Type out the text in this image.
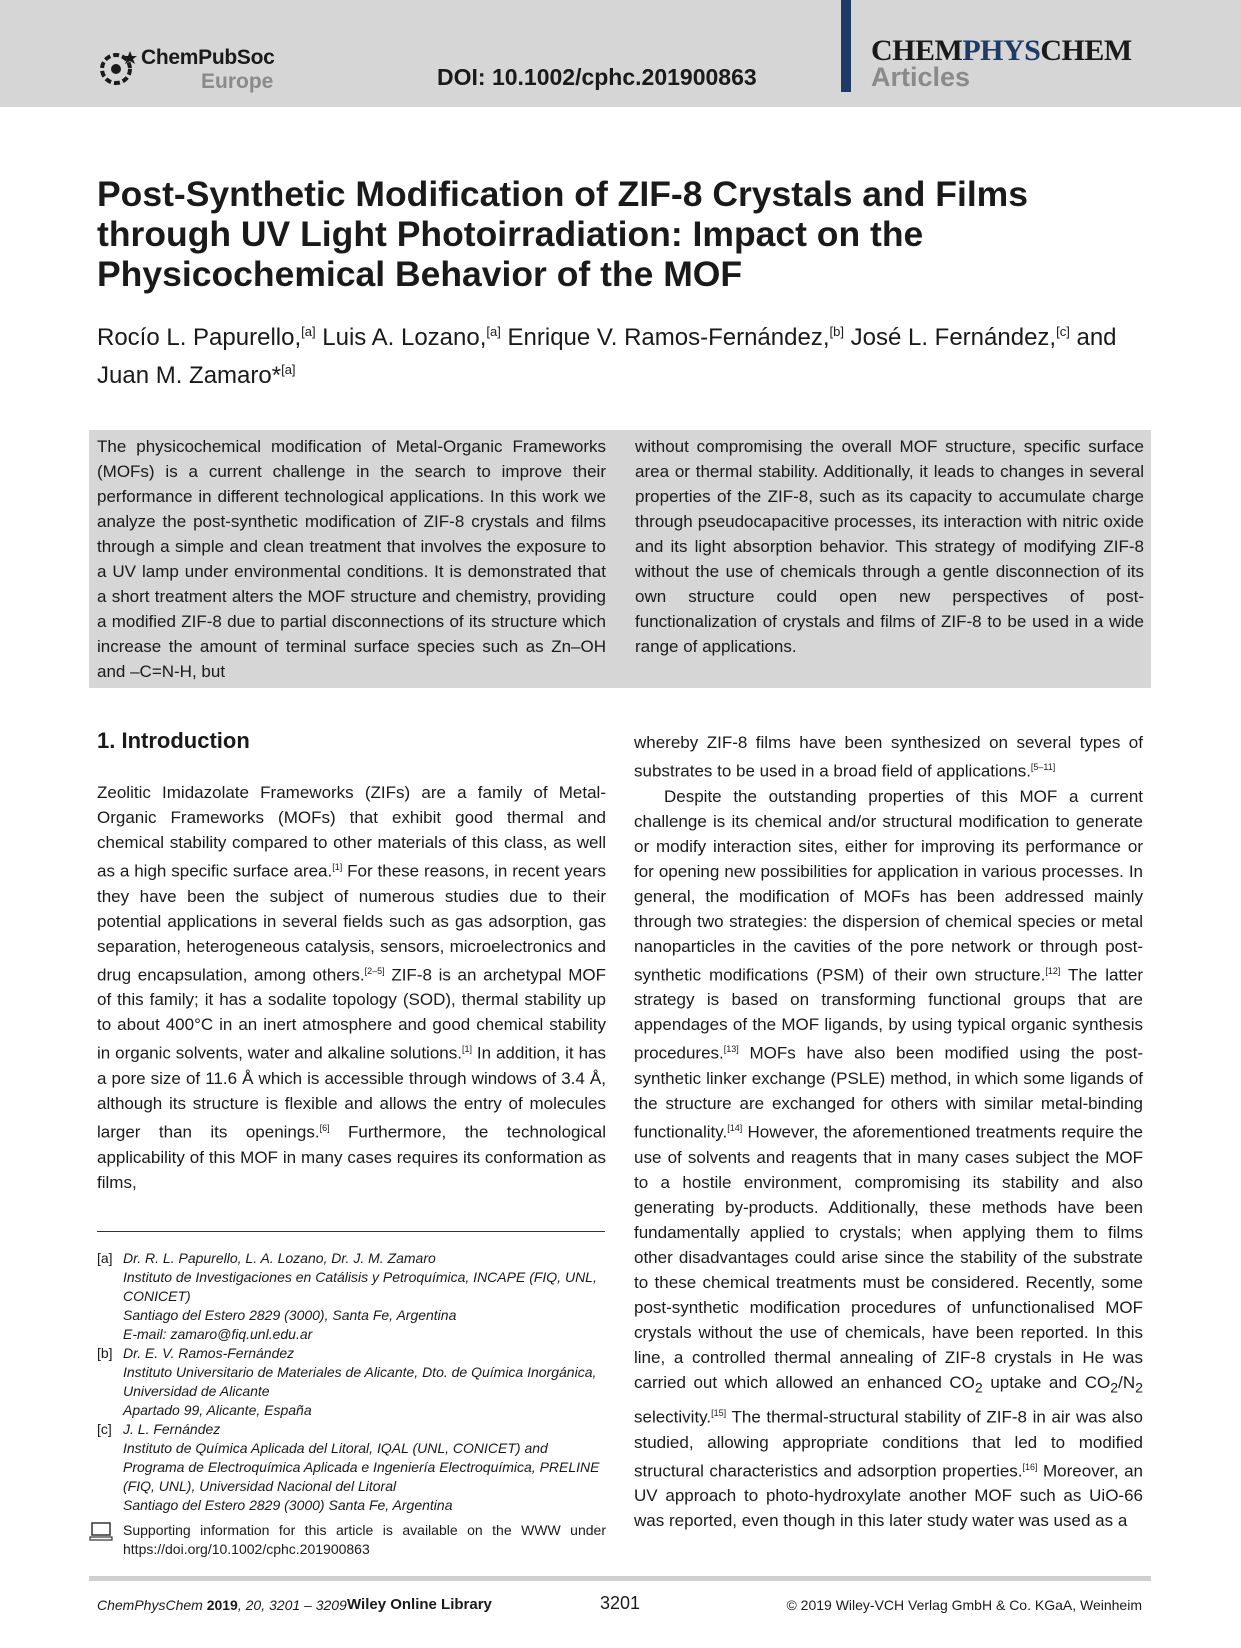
ChemPubSoc
Europe	DOI: 10.1002/cphc.201900863
CHEMPHYSCHEM
Articles
Post-Synthetic Modification of ZIF-8 Crystals and Films through UV Light Photoirradiation: Impact on the Physicochemical Behavior of the MOF

Rocío L. Papurello,[a] Luis A. Lozano,[a] Enrique V. Ramos-Fernández,[b] José L. Fernández,[c] and Juan M. Zamaro*[a]

The physicochemical modification of Metal-Organic Frameworks (MOFs) is a current challenge in the search to improve their performance in different technological applications. In this work we analyze the post-synthetic modification of ZIF-8 crystals and films through a simple and clean treatment that involves the exposure to a UV lamp under environmental conditions. It is demonstrated that a short treatment alters the MOF structure and chemistry, providing a modified ZIF-8 due to partial disconnections of its structure which increase the amount of terminal surface species such as Zn–OH and –C=N-H, but

without compromising the overall MOF structure, specific surface area or thermal stability. Additionally, it leads to changes in several properties of the ZIF-8, such as its capacity to accumulate charge through pseudocapacitive processes, its interaction with nitric oxide and its light absorption behavior. This strategy of modifying ZIF-8 without the use of chemicals through a gentle disconnection of its own structure could open new perspectives of post-functionalization of crystals and films of ZIF-8 to be used in a wide range of applications.

1. Introduction

Zeolitic Imidazolate Frameworks (ZIFs) are a family of Metal-Organic Frameworks (MOFs) that exhibit good thermal and chemical stability compared to other materials of this class, as well as a high specific surface area.[1] For these reasons, in recent years they have been the subject of numerous studies due to their potential applications in several fields such as gas adsorption, gas separation, heterogeneous catalysis, sensors, microelectronics and drug encapsulation, among others.[2–5] ZIF-8 is an archetypal MOF of this family; it has a sodalite topology (SOD), thermal stability up to about 400°C in an inert atmosphere and good chemical stability in organic solvents, water and alkaline solutions.[1] In addition, it has a pore size of 11.6 Å which is accessible through windows of 3.4 Å, although its structure is flexible and allows the entry of molecules larger than its openings.[6] Furthermore, the technological applicability of this MOF in many cases requires its conformation as films,

whereby ZIF-8 films have been synthesized on several types of substrates to be used in a broad field of applications.[5–11]

Despite the outstanding properties of this MOF a current challenge is its chemical and/or structural modification to generate or modify interaction sites, either for improving its performance or for opening new possibilities for application in various processes. In general, the modification of MOFs has been addressed mainly through two strategies: the dispersion of chemical species or metal nanoparticles in the cavities of the pore network or through post-synthetic modifications (PSM) of their own structure.[12] The latter strategy is based on transforming functional groups that are appendages of the MOF ligands, by using typical organic synthesis procedures.[13] MOFs have also been modified using the post-synthetic linker exchange (PSLE) method, in which some ligands of the structure are exchanged for others with similar metal-binding functionality.[14] However, the aforementioned treatments require the use of solvents and reagents that in many cases subject the MOF to a hostile environment, compromising its stability and also generating by-products. Additionally, these methods have been fundamentally applied to crystals; when applying them to films other disadvantages could arise since the stability of the substrate to these chemical treatments must be considered. Recently, some post-synthetic modification procedures of unfunctionalised MOF crystals without the use of chemicals, have been reported. In this line, a controlled thermal annealing of ZIF-8 crystals in He was carried out which allowed an enhanced $CO_2$ uptake and $CO_2/N_2$ selectivity.[15] The thermal-structural stability of ZIF-8 in air was also studied, allowing appropriate conditions that led to modified structural characteristics and adsorption properties.[16] Moreover, an UV approach to photo-hydroxylate another MOF such as UiO-66 was reported, even though in this later study water was used as a

[a] Dr. R. L. Papurello, L. A. Lozano, Dr. J. M. Zamaro
Instituto de Investigaciones en Catálisis y Petroquímica, INCAPE (FIQ, UNL, CONICET)
Santiago del Estero 2829 (3000), Santa Fe, Argentina
E-mail: zamaro@fiq.unl.edu.ar
[b] Dr. E. V. Ramos-Fernández
Instituto Universitario de Materiales de Alicante, Dto. de Química Inorgánica, Universidad de Alicante
Apartado 99, Alicante, España
[c] J. L. Fernández
Instituto de Química Aplicada del Litoral, IQAL (UNL, CONICET) and Programa de Electroquímica Aplicada e Ingeniería Electroquímica, PRELINE (FIQ, UNL), Universidad Nacional del Litoral
Santiago del Estero 2829 (3000) Santa Fe, Argentina
Supporting information for this article is available on the WWW under https://doi.org/10.1002/cphc.201900863
ChemPhysChem 2019, 20, 3201 – 3209 Wiley Online Library	3201	© 2019 Wiley-VCH Verlag GmbH & Co. KGaA, Weinheim
